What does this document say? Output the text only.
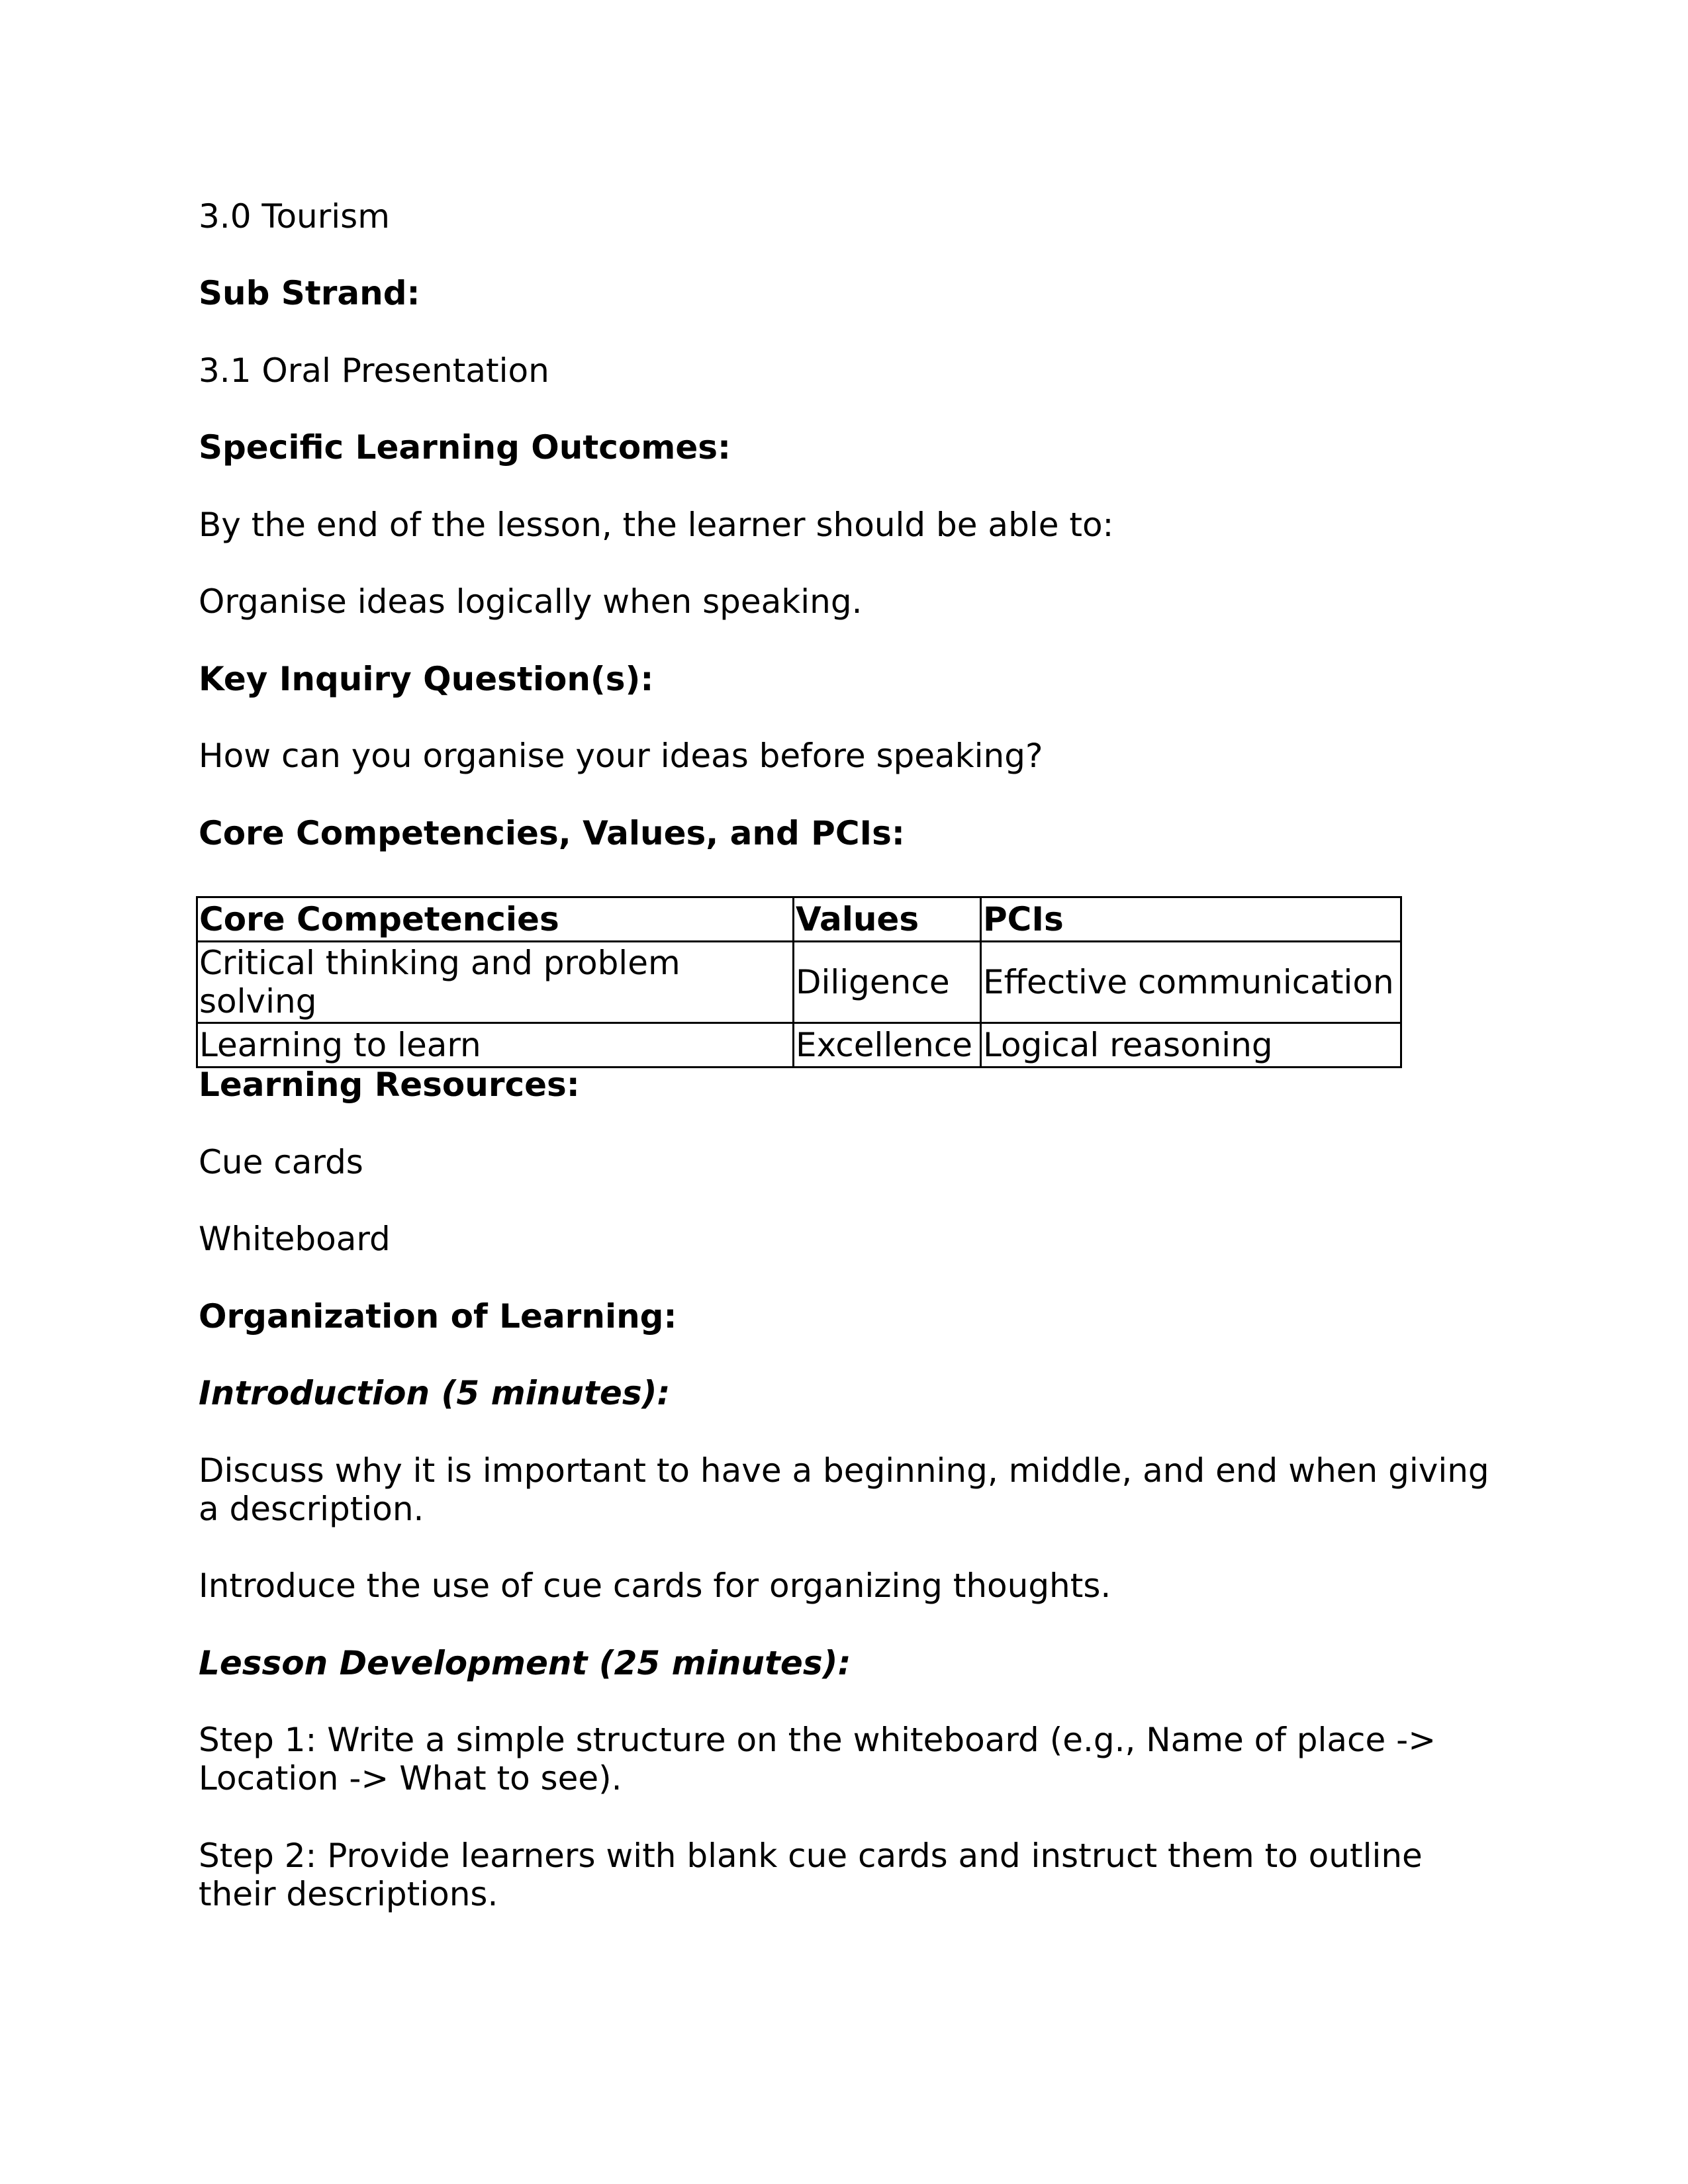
3.0 Tourism

Sub Strand:

3.1 Oral Presentation

Specific Learning Outcomes:

By the end of the lesson, the learner should be able to:

Organise ideas logically when speaking.

Key Inquiry Question(s):

How can you organise your ideas before speaking?

Core Competencies, Values, and PCIs:

Core Competencies	Values	PCIs
Critical thinking and problem solving	Diligence	Effective communication
Learning to learn	Excellence	Logical reasoning

Learning Resources:

Cue cards

Whiteboard

Organization of Learning:

Introduction (5 minutes):

Discuss why it is important to have a beginning, middle, and end when giving a description.

Introduce the use of cue cards for organizing thoughts.

Lesson Development (25 minutes):

Step 1: Write a simple structure on the whiteboard (e.g., Name of place -> Location -> What to see).

Step 2: Provide learners with blank cue cards and instruct them to outline their descriptions.
